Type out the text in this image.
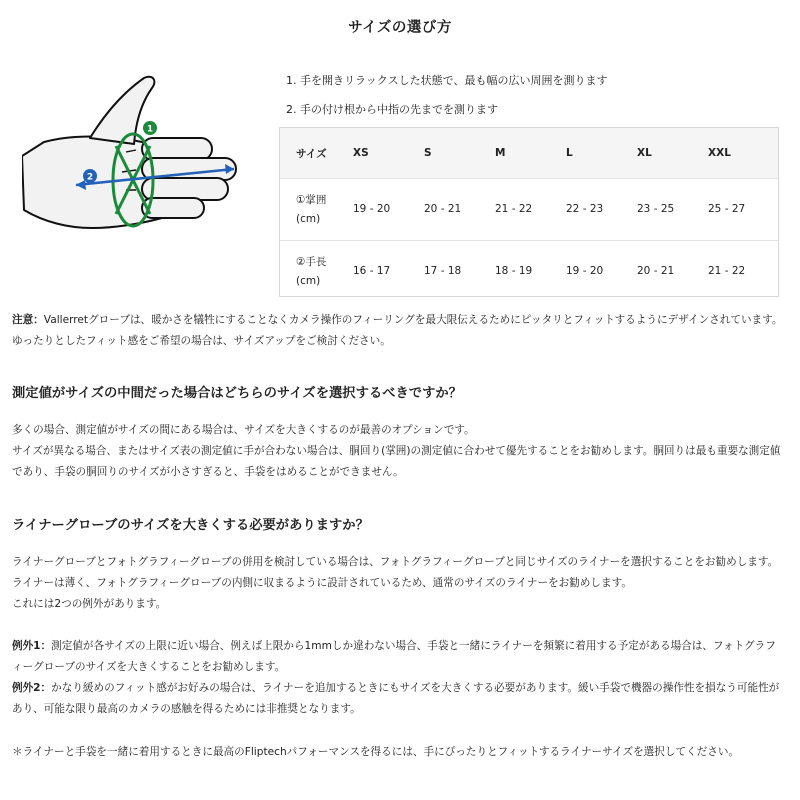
サイズの選び方
1
2
1. 手を開きリラックスした状態で、最も幅の広い周囲を測ります
2. 手の付け根から中指の先までを測ります
サイズ	XS	S	M	L	XL	XXL
①掌囲
(cm)	19 - 20	20 - 21	21 - 22	22 - 23	23 - 25	25 - 27
②手長
(cm)	16 - 17	17 - 18	18 - 19	19 - 20	20 - 21	21 - 22

注意：Vallerretグローブは、暖かさを犠牲にすることなくカメラ操作のフィーリングを最大限伝えるためにピッタリとフィットするようにデザインされています。ゆったりとしたフィット感をご希望の場合は、サイズアップをご検討ください。

測定値がサイズの中間だった場合はどちらのサイズを選択するべきですか？

多くの場合、測定値がサイズの間にある場合は、サイズを大きくするのが最善のオプションです。

サイズが異なる場合、またはサイズ表の測定値に手が合わない場合は、胴回り(掌囲)の測定値に合わせて優先することをお勧めします。胴回りは最も重要な測定値であり、手袋の胴回りのサイズが小さすぎると、手袋をはめることができません。

ライナーグローブのサイズを大きくする必要がありますか？

ライナーグローブとフォトグラフィーグローブの併用を検討している場合は、フォトグラフィーグローブと同じサイズのライナーを選択することをお勧めします。ライナーは薄く、フォトグラフィーグローブの内側に収まるように設計されているため、通常のサイズのライナーをお勧めします。

これには2つの例外があります。

例外1：測定値が各サイズの上限に近い場合、例えば上限から1mmしか違わない場合、手袋と一緒にライナーを頻繁に着用する予定がある場合は、フォトグラフィーグローブのサイズを大きくすることをお勧めします。

例外2：かなり緩めのフィット感がお好みの場合は、ライナーを追加するときにもサイズを大きくする必要があります。緩い手袋で機器の操作性を損なう可能性があり、可能な限り最高のカメラの感触を得るためには非推奨となります。

＊ライナーと手袋を一緒に着用するときに最高のFliptechパフォーマンスを得るには、手にぴったりとフィットするライナーサイズを選択してください。
